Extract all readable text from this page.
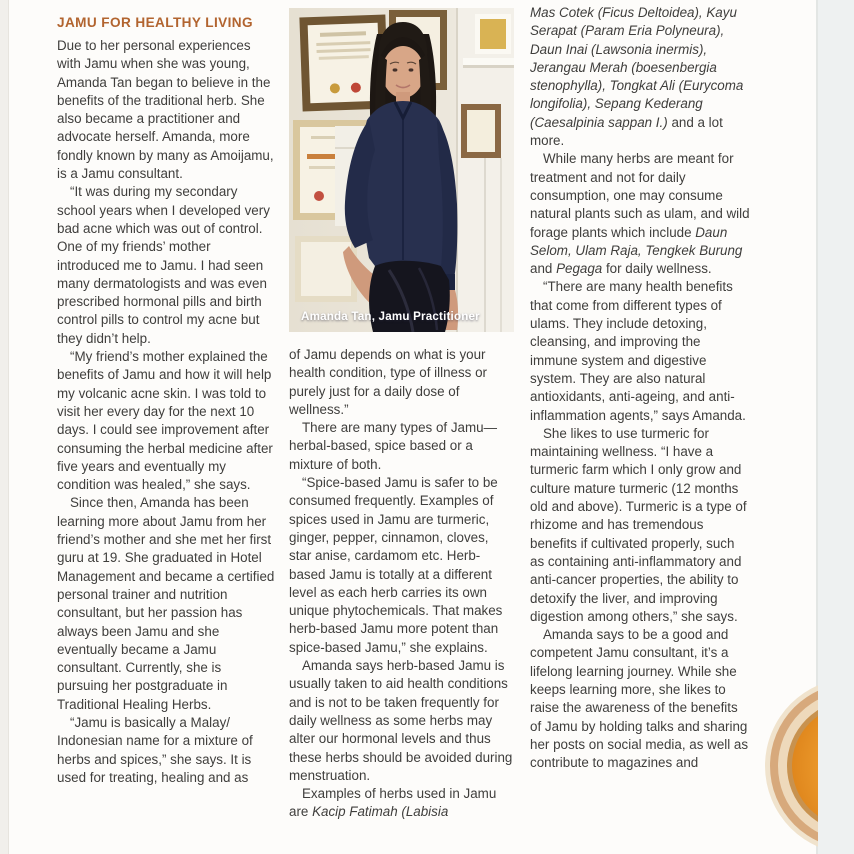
JAMU FOR HEALTHY LIVING

Due to her personal experiences with Jamu when she was young, Amanda Tan began to believe in the benefits of the traditional herb. She also became a practitioner and advocate herself. Amanda, more fondly known by many as Amoijamu, is a Jamu consultant.

“It was during my secondary school years when I developed very bad acne which was out of control. One of my friends’ mother introduced me to Jamu. I had seen many dermatologists and was even prescribed hormonal pills and birth control pills to control my acne but they didn’t help.

“My friend’s mother explained the benefits of Jamu and how it will help my volcanic acne skin. I was told to visit her every day for the next 10 days. I could see improvement after consuming the herbal medicine after five years and eventually my condition was healed,” she says.

Since then, Amanda has been learning more about Jamu from her friend’s mother and she met her first guru at 19. She graduated in Hotel Management and became a certified personal trainer and nutrition consultant, but her passion has always been Jamu and she eventually became a Jamu consultant. Currently, she is pursuing her postgraduate in Traditional Healing Herbs.

“Jamu is basically a Malay/ Indonesian name for a mixture of herbs and spices,” she says. It is used for treating, healing and as

Amanda Tan, Jamu Practitioner

of Jamu depends on what is your health condition, type of illness or purely just for a daily dose of wellness.”

There are many types of Jamu—herbal-based, spice based or a mixture of both.

“Spice-based Jamu is safer to be consumed frequently. Examples of spices used in Jamu are turmeric, ginger, pepper, cinnamon, cloves, star anise, cardamom etc. Herb-based Jamu is totally at a different level as each herb carries its own unique phytochemicals. That makes herb-based Jamu more potent than spice-based Jamu,” she explains.

Amanda says herb-based Jamu is usually taken to aid health conditions and is not to be taken frequently for daily wellness as some herbs may alter our hormonal levels and thus these herbs should be avoided during menstruation.

Examples of herbs used in Jamu are Kacip Fatimah (Labisia

Mas Cotek (Ficus Deltoidea), Kayu Serapat (Param Eria Polyneura), Daun Inai (Lawsonia inermis), Jerangau Merah (boesenbergia stenophylla), Tongkat Ali (Eurycoma longifolia), Sepang Kederang (Caesalpinia sappan I.) and a lot more.

While many herbs are meant for treatment and not for daily consumption, one may consume natural plants such as ulam, and wild forage plants which include Daun Selom, Ulam Raja, Tengkek Burung and Pegaga for daily wellness.

“There are many health benefits that come from different types of ulams. They include detoxing, cleansing, and improving the immune system and digestive system. They are also natural antioxidants, anti-ageing, and anti-inflammation agents,” says Amanda.

She likes to use turmeric for maintaining wellness. “I have a turmeric farm which I only grow and culture mature turmeric (12 months old and above). Turmeric is a type of rhizome and has tremendous benefits if cultivated properly, such as containing anti-inflammatory and anti-cancer properties, the ability to detoxify the liver, and improving digestion among others,” she says.

Amanda says to be a good and competent Jamu consultant, it’s a lifelong learning journey. While she keeps learning more, she likes to raise the awareness of the benefits of Jamu by holding talks and sharing her posts on social media, as well as contribute to magazines and
